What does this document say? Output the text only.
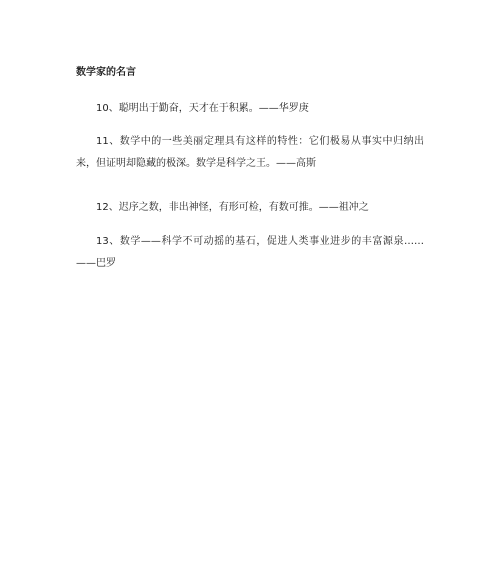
数学家的名言
10、聪明出于勤奋，天才在于积累。——华罗庚
11、数学中的一些美丽定理具有这样的特性：它们极易从事实中归纳出来，但证明却隐藏的极深。数学是科学之王。——高斯
12、迟序之数，非出神怪，有形可检，有数可推。——祖冲之
13、数学——科学不可动摇的基石，促进人类事业进步的丰富源泉……——巴罗
